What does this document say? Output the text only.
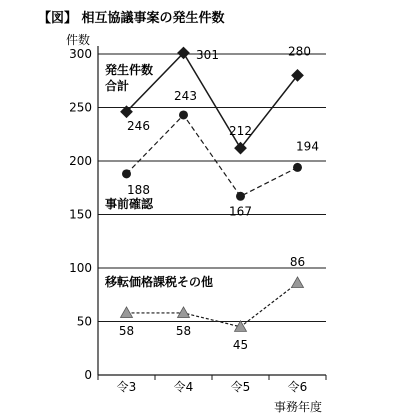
【図】 相互協議事案の発生件数
件数
事務年度
0
50
100
150
200
250
300
令3	令4	令5	令6
246
301
212
280
発生件数
合計
188
243
167
194
事前確認
58	58
45
86
移転価格課税その他
